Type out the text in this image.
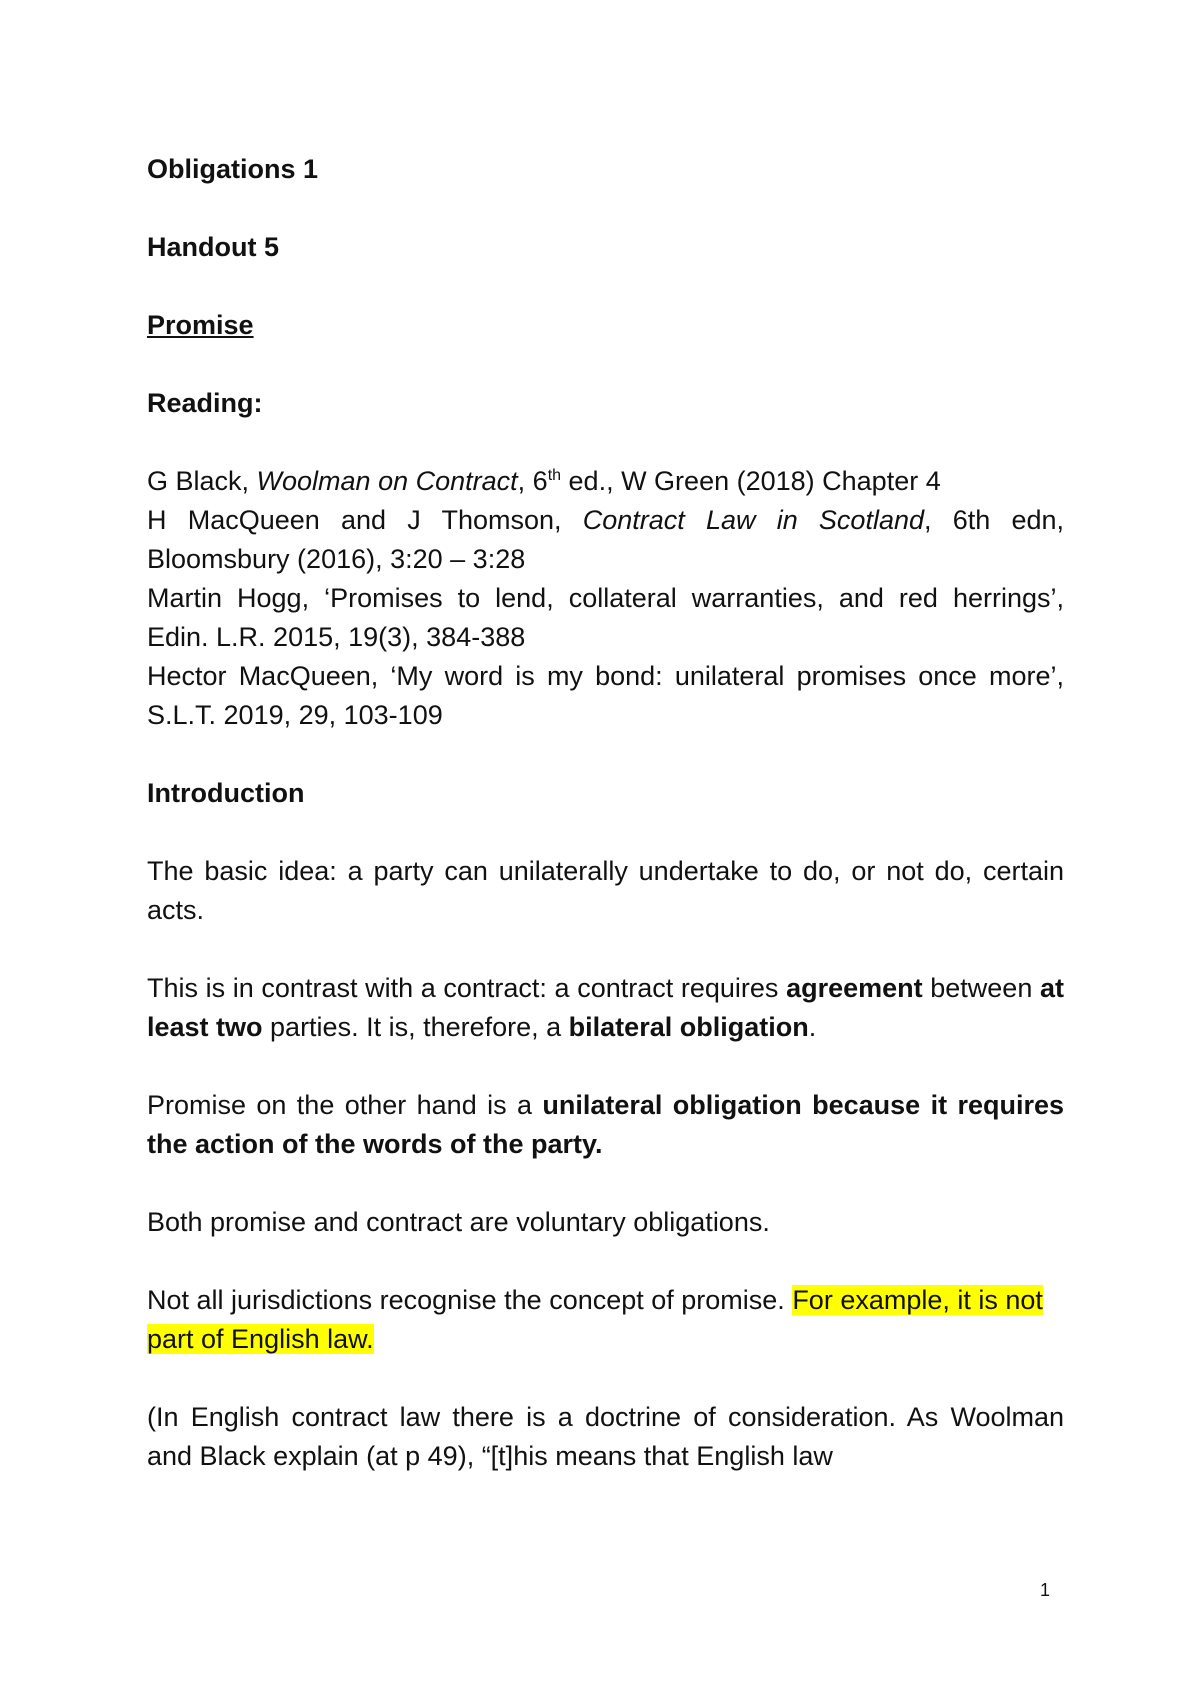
Obligations 1

Handout 5

Promise

Reading:

G Black, Woolman on Contract, 6th ed., W Green (2018) Chapter 4

H MacQueen and J Thomson, Contract Law in Scotland, 6th edn, Bloomsbury (2016), 3:20 – 3:28

Martin Hogg, ‘Promises to lend, collateral warranties, and red herrings’, Edin. L.R. 2015, 19(3), 384-388

Hector MacQueen, ‘My word is my bond: unilateral promises once more’, S.L.T. 2019, 29, 103-109

Introduction

The basic idea: a party can unilaterally undertake to do, or not do, certain acts.

This is in contrast with a contract: a contract requires agreement between at least two parties. It is, therefore, a bilateral obligation.

Promise on the other hand is a unilateral obligation because it requires the action of the words of the party.

Both promise and contract are voluntary obligations.

Not all jurisdictions recognise the concept of promise. For example, it is not part of English law.

(In English contract law there is a doctrine of consideration. As Woolman and Black explain (at p 49), “[t]his means that English law

1
